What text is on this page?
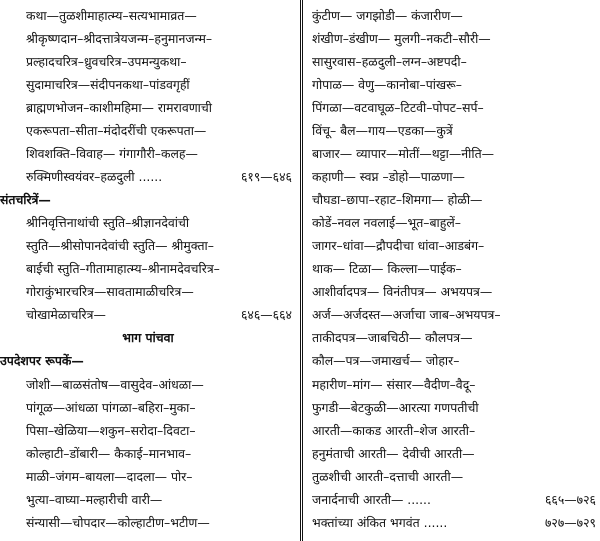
कथा—तुळशीमाहात्म्य–सत्यभामाव्रत—
श्रीकृष्णदान–श्रीदत्तात्रेयजन्म–हनुमानजन्म–
प्रल्हादचरित्र–ध्रुवचरित्र–उपमन्युकथा–
सुदामाचरित्र—संदीपनकथा–पांडवगृहीं
ब्राह्मणभोजन–काशीमहिमा— रामरावणाची
एकरूपता–सीता–मंदोदरींची एकरूपता—
शिवशक्ति–विवाह— गंगागौरी–कलह—
रुक्मिणीस्वयंवर–हळदुली ......	६१९—६४६
संतचरित्रें—
श्रीनिवृत्तिनाथांची स्तुति–श्रीज्ञानदेवांची
स्तुति—श्रीसोपानदेवांची स्तुति— श्रीमुक्ता–
बाईची स्तुति–गीतामाहात्म्य–श्रीनामदेवचरित्र–
गोराकुंभारचरित्र—सावतामाळीचरित्र—
चोखामेळाचरित्र—	६४६—६६४
भाग पांचवा
उपदेशपर रूपकें—
जोशी—बाळसंतोष—वासुदेव–आंधळा—
पांगूळ—आंधळा पांगळा–बहिरा–मुका–
पिसा–खेळिया—शकुन–सरोदा–दिवटा–
कोल्हाटी–डोंबारी— कैकाई–मानभाव–
माळी–जंगम–बायला—दादला— पोर–
भुत्या–वाघ्या–मल्हारीची वारी—
संन्यासी—चोपदार—कोल्हाटीण–भटीण—
कुंटीण— जगझोडी— कंजारीण—
शंखीण–डंखीण— मुलगी–नकटी–सौरी—
सासुरवास–हळदुली–लग्न–अष्टपदी–
गोपाळ— वेणु—कानोबा–पांखरू–
पिंगळा—वटवाघूळ–टिटवी–पोपट–सर्प–
विंचू– बैल—गाय—एडका—कुत्रें
बाजार— व्यापार—मोतीं—थट्टा—नीति—
कहाणी— स्वप्न –डोहो—पाळणा—
चौघडा–छापा–रहाट–शिमगा— होळी—
कोडें–नवल नवलाई—भूत–बाहुलें–
जागर–धांवा—द्रौपदीचा धांवा–आडबंग–
थाक— टिळा— किल्ला—पाईक–
आशीर्वादपत्र— विनंतीपत्र— अभयपत्र—
अर्ज—अर्जदस्त—अर्जाचा जाब–अभयपत्र–
ताकीदपत्र—जाबचिठी— कौलपत्र—
कौल—पत्र—जमाखर्च— जोहार–
महारीण–मांग— संसार—वैदीण–वैदू–
फुगडी—बेटकुळी—आरत्या गणपतीची
आरती—काकड आरती–शेज आरती–
हनुमंताची आरती— देवीची आरती—
तुळशीची आरती–दत्ताची आरती—
जनार्दनाची आरती— ......	६६५—७२६
भक्तांच्या अंकित भगवंत ......	७२७—७२९
